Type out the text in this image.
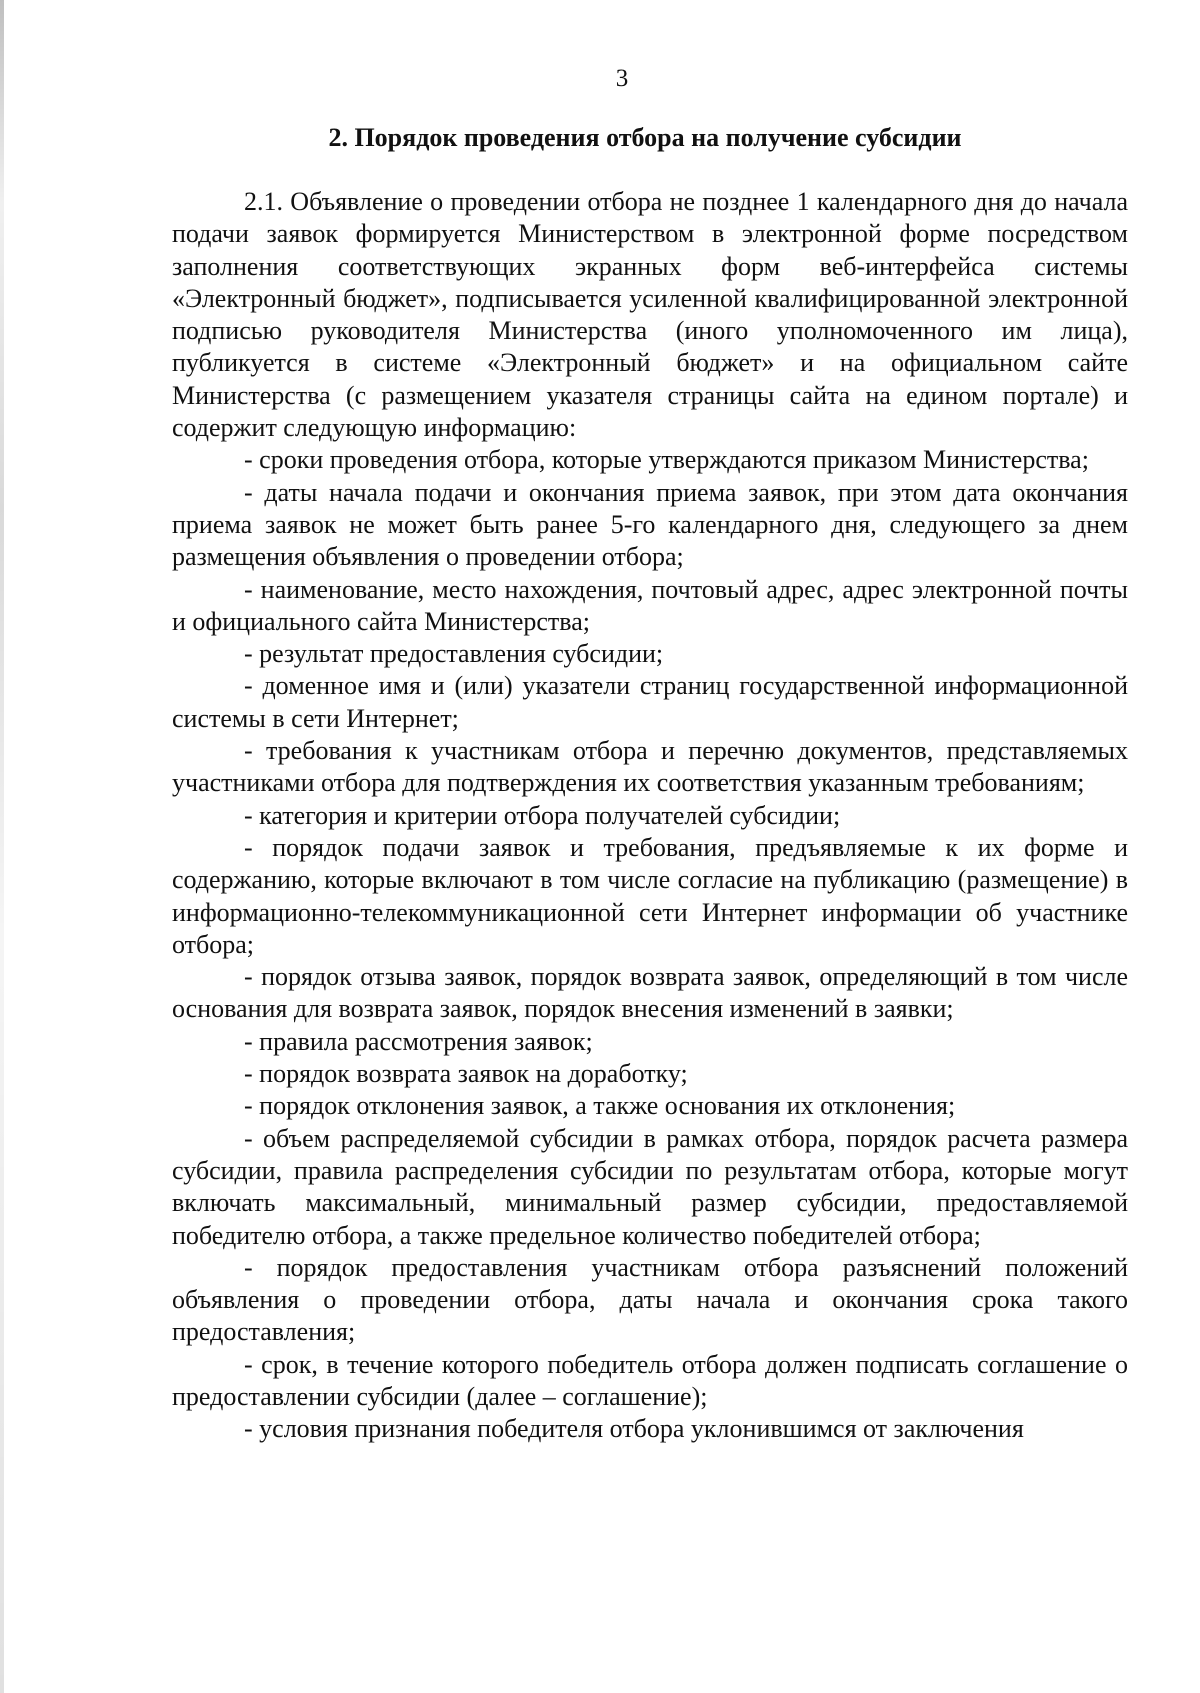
3

2. Порядок проведения отбора на получение субсидии

2.1. Объявление о проведении отбора не позднее 1 календарного дня до начала подачи заявок формируется Министерством в электронной форме посредством заполнения соответствующих экранных форм веб-интерфейса системы «Электронный бюджет», подписывается усиленной квалифицированной электронной подписью руководителя Министерства (иного уполномоченного им лица), публикуется в системе «Электронный бюджет» и на официальном сайте Министерства (с размещением указателя страницы сайта на едином портале) и содержит следующую информацию:

- сроки проведения отбора, которые утверждаются приказом Министерства;

- даты начала подачи и окончания приема заявок, при этом дата окончания приема заявок не может быть ранее 5-го календарного дня, следующего за днем размещения объявления о проведении отбора;

- наименование, место нахождения, почтовый адрес, адрес электронной почты и официального сайта Министерства;

- результат предоставления субсидии;

- доменное имя и (или) указатели страниц государственной информационной системы в сети Интернет;

- требования к участникам отбора и перечню документов, представляемых участниками отбора для подтверждения их соответствия указанным требованиям;

- категория и критерии отбора получателей субсидии;

- порядок подачи заявок и требования, предъявляемые к их форме и содержанию, которые включают в том числе согласие на публикацию (размещение) в информационно-телекоммуникационной сети Интернет информации об участнике отбора;

- порядок отзыва заявок, порядок возврата заявок, определяющий в том числе основания для возврата заявок, порядок внесения изменений в заявки;

- правила рассмотрения заявок;

- порядок возврата заявок на доработку;

- порядок отклонения заявок, а также основания их отклонения;

- объем распределяемой субсидии в рамках отбора, порядок расчета размера субсидии, правила распределения субсидии по результатам отбора, которые могут включать максимальный, минимальный размер субсидии, предоставляемой победителю отбора, а также предельное количество победителей отбора;

- порядок предоставления участникам отбора разъяснений положений объявления о проведении отбора, даты начала и окончания срока такого предоставления;

- срок, в течение которого победитель отбора должен подписать соглашение о предоставлении субсидии (далее – соглашение);

- условия признания победителя отбора уклонившимся от заключения
